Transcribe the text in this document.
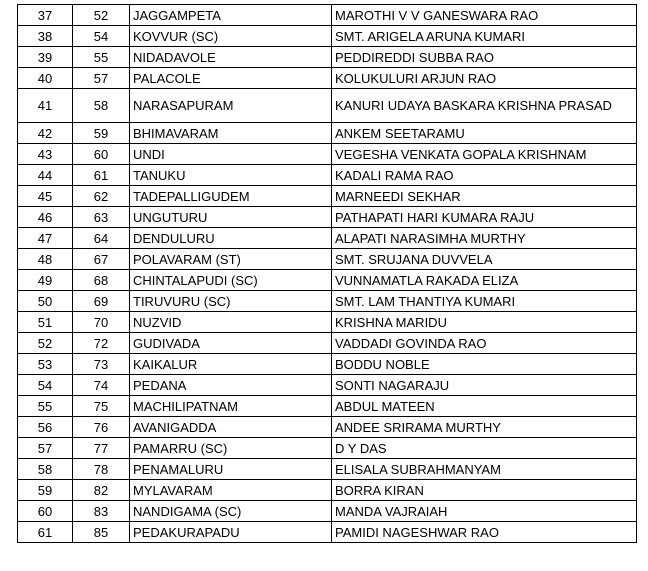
37	52	JAGGAMPETA	MAROTHI V V GANESWARA RAO
38	54	KOVVUR (SC)	SMT. ARIGELA ARUNA KUMARI
39	55	NIDADAVOLE	PEDDIREDDI SUBBA RAO
40	57	PALACOLE	KOLUKULURI ARJUN RAO
41	58	NARASAPURAM	KANURI UDAYA BASKARA KRISHNA PRASAD
42	59	BHIMAVARAM	ANKEM SEETARAMU
43	60	UNDI	VEGESHA VENKATA GOPALA KRISHNAM
44	61	TANUKU	KADALI RAMA RAO
45	62	TADEPALLIGUDEM	MARNEEDI SEKHAR
46	63	UNGUTURU	PATHAPATI HARI KUMARA RAJU
47	64	DENDULURU	ALAPATI NARASIMHA MURTHY
48	67	POLAVARAM (ST)	SMT. SRUJANA DUVVELA
49	68	CHINTALAPUDI (SC)	VUNNAMATLA RAKADA ELIZA
50	69	TIRUVURU (SC)	SMT. LAM THANTIYA KUMARI
51	70	NUZVID	KRISHNA MARIDU
52	72	GUDIVADA	VADDADI GOVINDA RAO
53	73	KAIKALUR	BODDU NOBLE
54	74	PEDANA	SONTI NAGARAJU
55	75	MACHILIPATNAM	ABDUL MATEEN
56	76	AVANIGADDA	ANDEE SRIRAMA MURTHY
57	77	PAMARRU (SC)	D Y DAS
58	78	PENAMALURU	ELISALA SUBRAHMANYAM
59	82	MYLAVARAM	BORRA KIRAN
60	83	NANDIGAMA (SC)	MANDA VAJRAIAH
61	85	PEDAKURAPADU	PAMIDI NAGESHWAR RAO
